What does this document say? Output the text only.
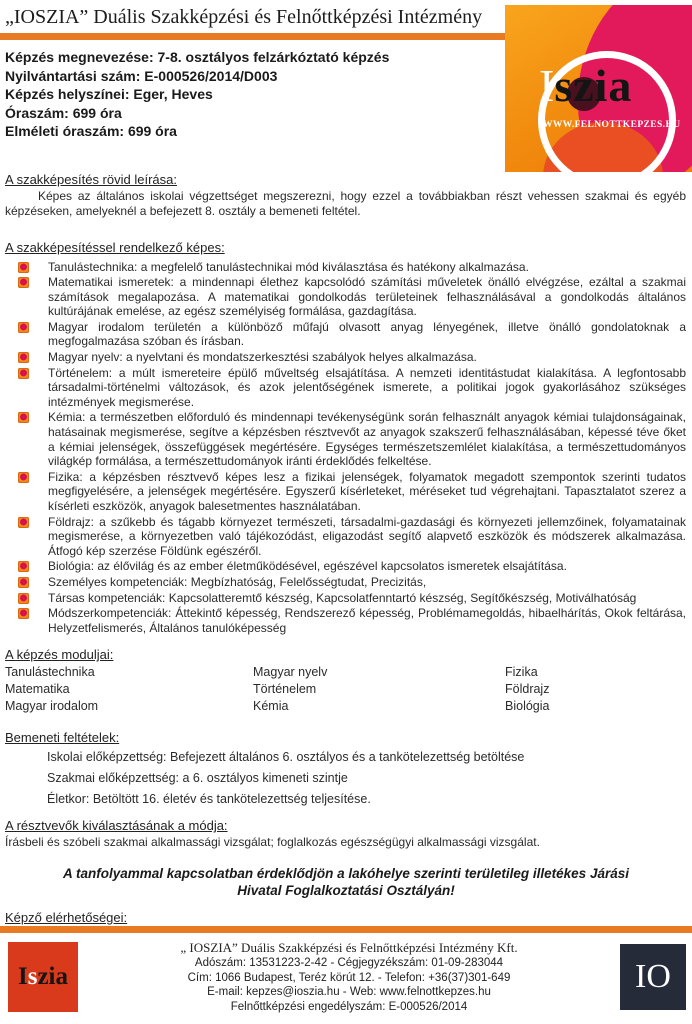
„IOSZIA” Duális Szakképzési és Felnőttképzési Intézmény
Iszia
WWW.FELNOTTKEPZES.HU
Képzés megnevezése: 7-8. osztályos felzárkóztató képzés
Nyilvántartási szám: E-000526/2014/D003
Képzés helyszínei: Eger, Heves
Óraszám: 699 óra
Elméleti óraszám: 699 óra
A szakképesítés rövid leírása:
Képes az általános iskolai végzettséget megszerezni, hogy ezzel a továbbiakban részt vehessen szakmai és egyéb képzéseken, amelyeknél a befejezett 8. osztály a bemeneti feltétel.
A szakképesítéssel rendelkező képes:
Tanulástechnika: a megfelelő tanulástechnikai mód kiválasztása és hatékony alkalmazása.
Matematikai ismeretek: a mindennapi élethez kapcsolódó számítási műveletek önálló elvégzése, ezáltal a szakmai számítások megalapozása. A matematikai gondolkodás területeinek felhasználásával a gondolkodás általános kultúrájának emelése, az egész személyiség formálása, gazdagítása.
Magyar irodalom területén a különböző műfajú olvasott anyag lényegének, illetve önálló gondolatoknak a megfogalmazása szóban és írásban.
Magyar nyelv: a nyelvtani és mondatszerkesztési szabályok helyes alkalmazása.
Történelem: a múlt ismereteire épülő műveltség elsajátítása. A nemzeti identitástudat kialakítása. A legfontosabb társadalmi-történelmi változások, és azok jelentőségének ismerete, a politikai jogok gyakorlásához szükséges intézmények megismerése.
Kémia: a természetben előforduló és mindennapi tevékenységünk során felhasznált anyagok kémiai tulajdonságainak, hatásainak megismerése, segítve a képzésben résztvevőt az anyagok szakszerű felhasználásában, képessé téve őket a kémiai jelenségek, összefüggések megértésére. Egységes természetszemlélet kialakítása, a természettudományos világkép formálása, a természettudományok iránti érdeklődés felkeltése.
Fizika: a képzésben résztvevő képes lesz a fizikai jelenségek, folyamatok megadott szempontok szerinti tudatos megfigyelésére, a jelenségek megértésére. Egyszerű kísérleteket, méréseket tud végrehajtani. Tapasztalatot szerez a kísérleti eszközök, anyagok balesetmentes használatában.
Földrajz: a szűkebb és tágabb környezet természeti, társadalmi-gazdasági és környezeti jellemzőinek, folyamatainak megismerése, a környezetben való tájékozódást, eligazodást segítő alapvető eszközök és módszerek alkalmazása. Átfogó kép szerzése Földünk egészéről.
Biológia: az élővilág és az ember életműködésével, egészével kapcsolatos ismeretek elsajátítása.
Személyes kompetenciák: Megbízhatóság, Felelősségtudat, Precizitás,
Társas kompetenciák: Kapcsolatteremtő készség, Kapcsolatfenntartó készség, Segítőkészség, Motiválhatóság
Módszerkompetenciák: Áttekintő képesség, Rendszerező képesség, Problémamegoldás, hibaelhárítás, Okok feltárása, Helyzetfelismerés, Általános tanulóképesség
A képzés moduljai:
Tanulástechnika
Matematika
Magyar irodalom
Magyar nyelv
Történelem
Kémia
Fizika
Földrajz
Biológia
Bemeneti feltételek:
Iskolai előképzettség: Befejezett általános 6. osztályos és a tankötelezettség betöltése
Szakmai előképzettség: a 6. osztályos kimeneti szintje
Életkor: Betöltött 16. életév és tankötelezettség teljesítése.
A résztvevők kiválasztásának a módja:
Írásbeli és szóbeli szakmai alkalmassági vizsgálat; foglalkozás egészségügyi alkalmassági vizsgálat.
A tanfolyammal kapcsolatban érdeklődjön a lakóhelye szerinti területileg illetékes Járási Hivatal Foglalkoztatási Osztályán!
Képző elérhetőségei:
I s zia
„ IOSZIA” Duális Szakképzési és Felnőttképzési Intézmény Kft.
Adószám: 13531223-2-42 - Cégjegyzékszám: 01-09-283044
Cím: 1066 Budapest, Teréz körút 12. - Telefon: +36(37)301-649
E-mail: kepzes@ioszia.hu - Web: www.felnottkepzes.hu
Felnőttképzési engedélyszám: E-000526/2014
IO
